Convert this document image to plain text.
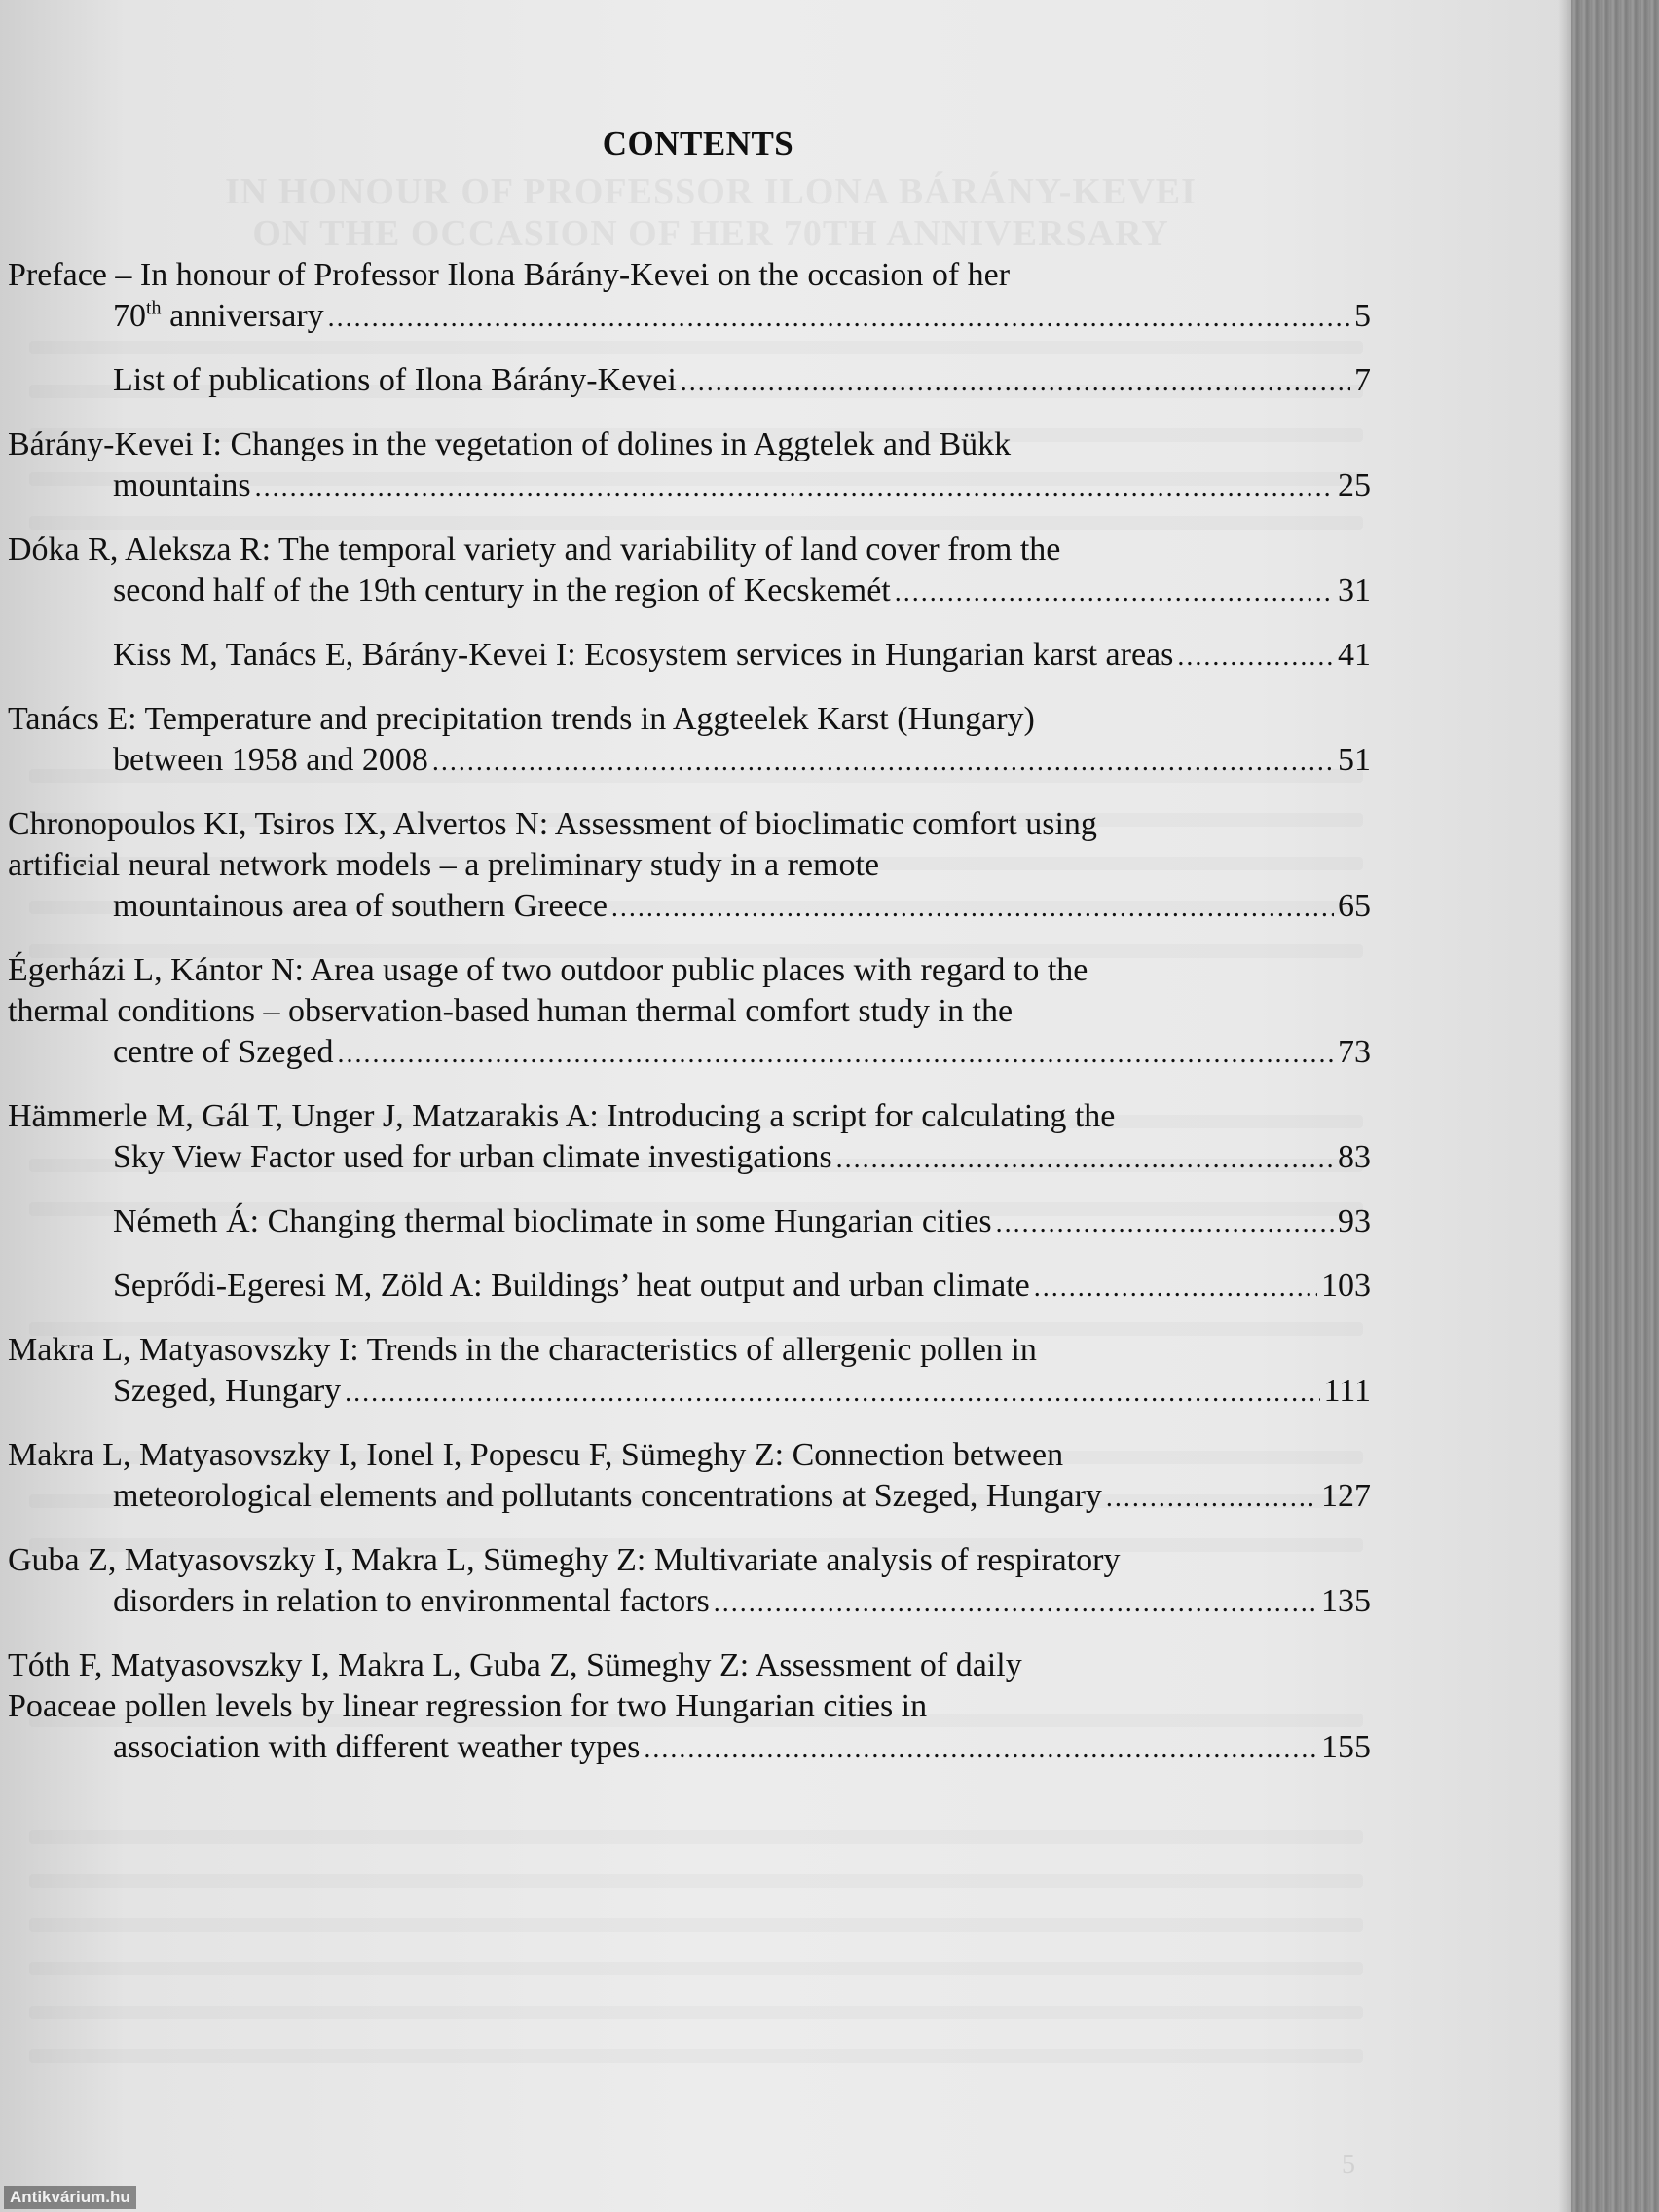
IN HONOUR OF PROFESSOR ILONA BÁRÁNY-KEVEI
ON THE OCCASION OF HER 70TH ANNIVERSARY
5
CONTENTS
Preface – In honour of Professor Ilona Bárány-Kevei on the occasion of her
70th anniversary .....	5
List of publications of Ilona Bárány-Kevei .....	7
Bárány-Kevei I: Changes in the vegetation of dolines in Aggtelek and Bükk
mountains .....	25
Dóka R, Aleksza R: The temporal variety and variability of land cover from the
second half of the 19th century in the region of Kecskemét .....	31
Kiss M, Tanács E, Bárány-Kevei I: Ecosystem services in Hungarian karst areas .....	41
Tanács E: Temperature and precipitation trends in Aggteelek Karst (Hungary)
between 1958 and 2008 .....	51
Chronopoulos KI, Tsiros IX, Alvertos N: Assessment of bioclimatic comfort using
artificial neural network models – a preliminary study in a remote
mountainous area of southern Greece .....	65
Égerházi L, Kántor N: Area usage of two outdoor public places with regard to the
thermal conditions – observation-based human thermal comfort study in the
centre of Szeged .....	73
Hämmerle M, Gál T, Unger J, Matzarakis A: Introducing a script for calculating the
Sky View Factor used for urban climate investigations .....	83
Németh Á: Changing thermal bioclimate in some Hungarian cities .....	93
Seprődi-Egeresi M, Zöld A: Buildings’ heat output and urban climate .....	103
Makra L, Matyasovszky I: Trends in the characteristics of allergenic pollen in
Szeged, Hungary .....	111
Makra L, Matyasovszky I, Ionel I, Popescu F, Sümeghy Z: Connection between
meteorological elements and pollutants concentrations at Szeged, Hungary .....	127
Guba Z, Matyasovszky I, Makra L, Sümeghy Z: Multivariate analysis of respiratory
disorders in relation to environmental factors .....	135
Tóth F, Matyasovszky I, Makra L, Guba Z, Sümeghy Z: Assessment of daily
Poaceae pollen levels by linear regression for two Hungarian cities in
association with different weather types .....	155
Antikvárium.hu
